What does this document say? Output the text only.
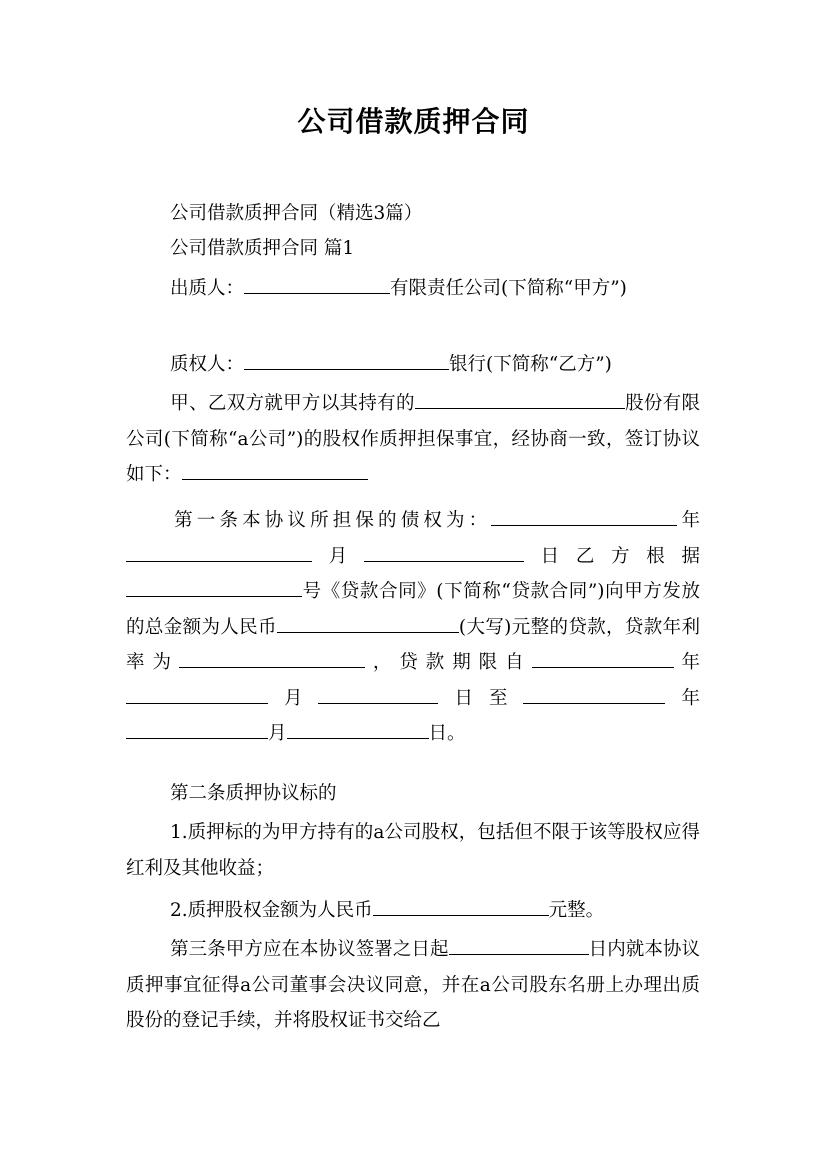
公司借款质押合同
公司借款质押合同（精选3篇）
公司借款质押合同 篇1
出质人：	有限责任公司(下简称“甲方”)
质权人：	银行(下简称“乙方”)
甲、乙双方就甲方以其持有的	股份有限公司(下简称“a公司”)的股权作质押担保事宜，经协商一致，签订协议如下：
第一条本协议所担保的债权为：	年月	日乙方根据号《贷款合同》(下简称“贷款合同”)向甲方发放的总金额为人民币	(大写)元整的贷款，贷款年利率为	，贷款期限自	年月	日至	年月	日。
第二条质押协议标的
1.质押标的为甲方持有的a公司股权，包括但不限于该等股权应得红利及其他收益；
2.质押股权金额为人民币	元整。
第三条甲方应在本协议签署之日起	日内就本协议质押事宜征得a公司董事会决议同意，并在a公司股东名册上办理出质股份的登记手续，并将股权证书交给乙
